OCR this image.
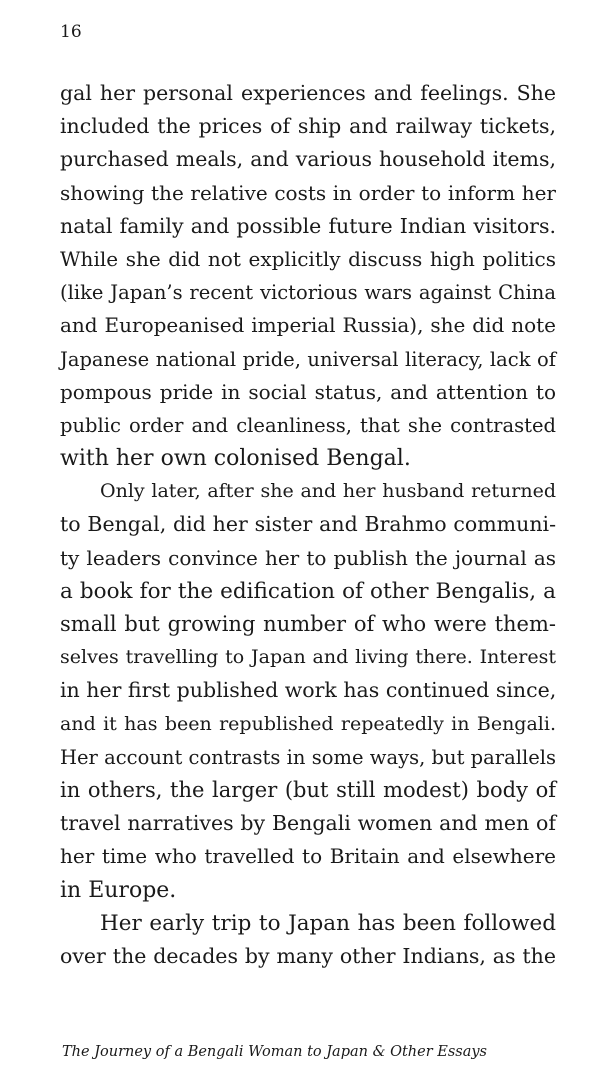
16
gal her personal experiences and feelings. She
included the prices of ship and railway tickets,
purchased meals, and various household items,
showing the relative costs in order to inform her
natal family and possible future Indian visitors.
While she did not explicitly discuss high politics
(like Japan’s recent victorious wars against China
and Europeanised imperial Russia), she did note
Japanese national pride, universal literacy, lack of
pompous pride in social status, and attention to
public order and cleanliness, that she contrasted
with her own colonised Bengal.
Only later, after she and her husband returned
to Bengal, did her sister and Brahmo communi-
ty leaders convince her to publish the journal as
a book for the edification of other Bengalis, a
small but growing number of who were them-
selves travelling to Japan and living there. Interest
in her first published work has continued since,
and it has been republished repeatedly in Bengali.
Her account contrasts in some ways, but parallels
in others, the larger (but still modest) body of
travel narratives by Bengali women and men of
her time who travelled to Britain and elsewhere
in Europe.
Her early trip to Japan has been followed
over the decades by many other Indians, as the
The Journey of a Bengali Woman to Japan & Other Essays
